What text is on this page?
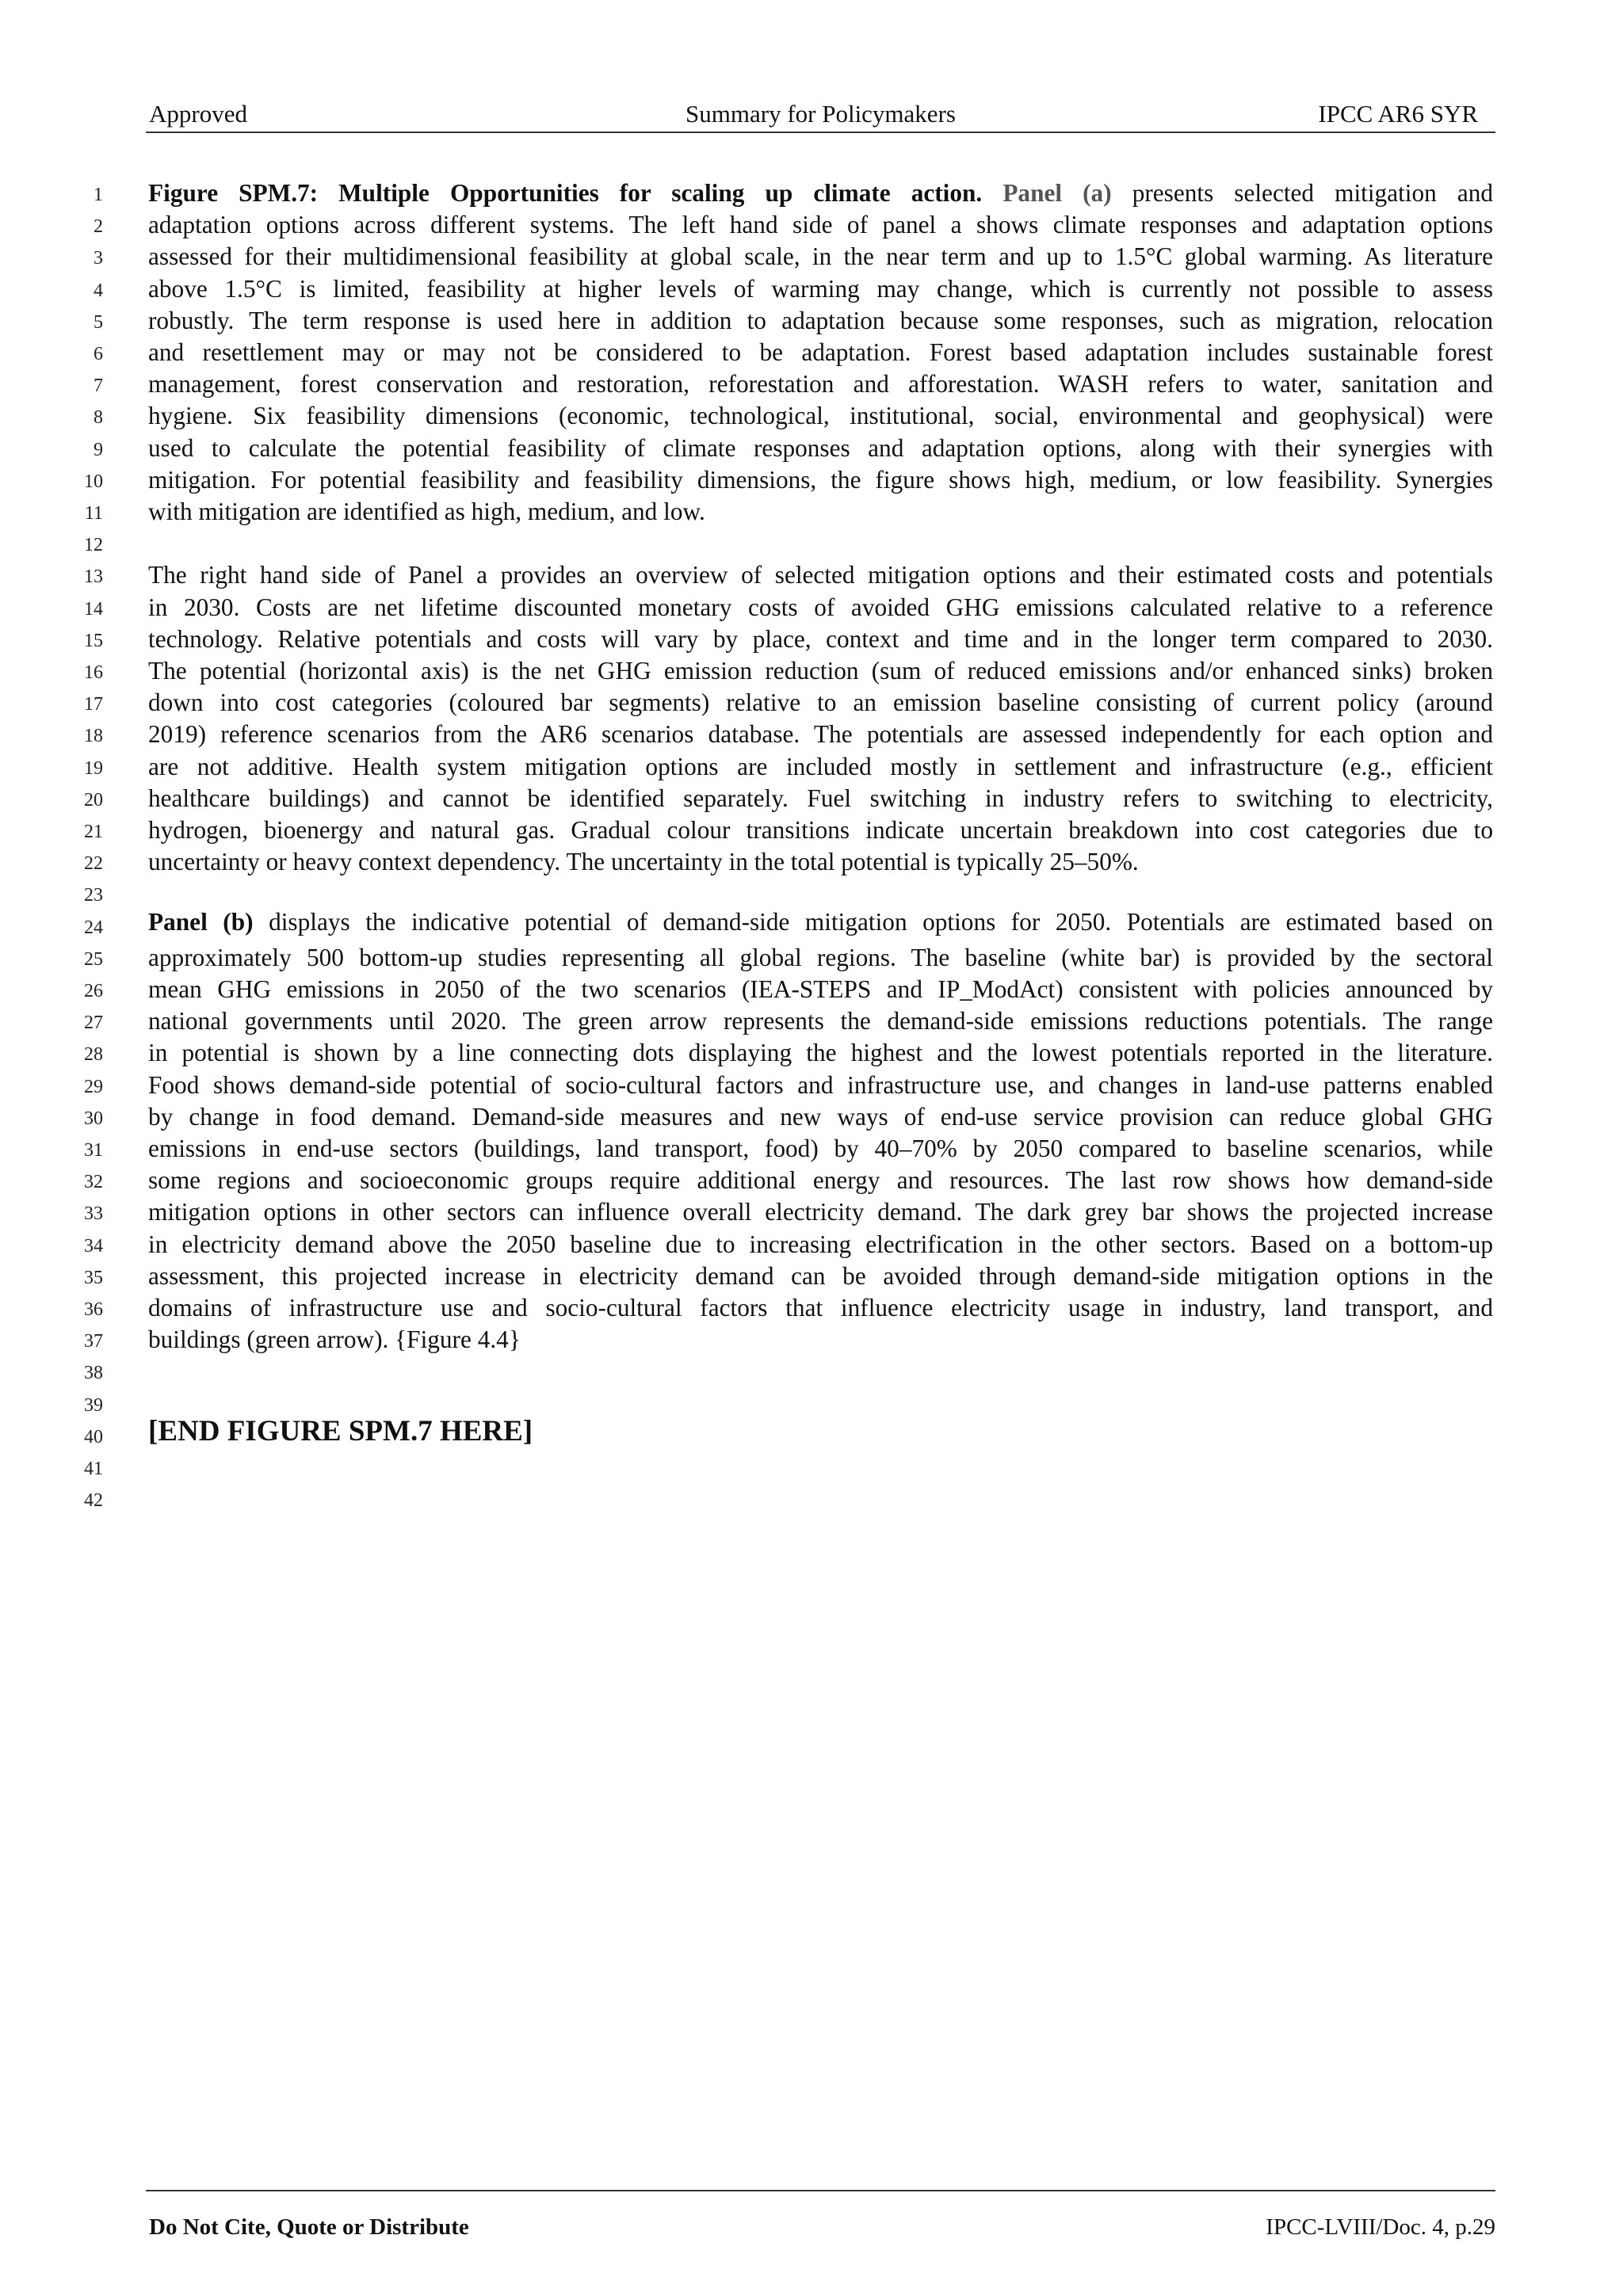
Approved	Summary for Policymakers	IPCC AR6 SYR
1
2
3
4
5
6
7
8
9
10
11
12
13
14
15
16
17
18
19
20
21
22
23
24
25
26
27
28
29
30
31
32
33
34
35
36
37
38
39
40
41
42
Figure SPM.7: Multiple Opportunities for scaling up climate action. Panel (a) presents selected mitigation and
adaptation options across different systems. The left hand side of panel a shows climate responses and adaptation options
assessed for their multidimensional feasibility at global scale, in the near term and up to 1.5°C global warming. As literature
above 1.5°C is limited, feasibility at higher levels of warming may change, which is currently not possible to assess
robustly. The term response is used here in addition to adaptation because some responses, such as migration, relocation
and resettlement may or may not be considered to be adaptation. Forest based adaptation includes sustainable forest
management, forest conservation and restoration, reforestation and afforestation. WASH refers to water, sanitation and
hygiene. Six feasibility dimensions (economic, technological, institutional, social, environmental and geophysical) were
used to calculate the potential feasibility of climate responses and adaptation options, along with their synergies with
mitigation. For potential feasibility and feasibility dimensions, the figure shows high, medium, or low feasibility. Synergies
with mitigation are identified as high, medium, and low.
The right hand side of Panel a provides an overview of selected mitigation options and their estimated costs and potentials
in 2030. Costs are net lifetime discounted monetary costs of avoided GHG emissions calculated relative to a reference
technology. Relative potentials and costs will vary by place, context and time and in the longer term compared to 2030.
The potential (horizontal axis) is the net GHG emission reduction (sum of reduced emissions and/or enhanced sinks) broken
down into cost categories (coloured bar segments) relative to an emission baseline consisting of current policy (around
2019) reference scenarios from the AR6 scenarios database. The potentials are assessed independently for each option and
are not additive. Health system mitigation options are included mostly in settlement and infrastructure (e.g., efficient
healthcare buildings) and cannot be identified separately. Fuel switching in industry refers to switching to electricity,
hydrogen, bioenergy and natural gas. Gradual colour transitions indicate uncertain breakdown into cost categories due to
uncertainty or heavy context dependency. The uncertainty in the total potential is typically 25–50%.
Panel (b) displays the indicative potential of demand-side mitigation options for 2050. Potentials are estimated based on
approximately 500 bottom-up studies representing all global regions. The baseline (white bar) is provided by the sectoral
mean GHG emissions in 2050 of the two scenarios (IEA-STEPS and IP_ModAct) consistent with policies announced by
national governments until 2020. The green arrow represents the demand-side emissions reductions potentials. The range
in potential is shown by a line connecting dots displaying the highest and the lowest potentials reported in the literature.
Food shows demand-side potential of socio-cultural factors and infrastructure use, and changes in land-use patterns enabled
by change in food demand. Demand-side measures and new ways of end-use service provision can reduce global GHG
emissions in end-use sectors (buildings, land transport, food) by 40–70% by 2050 compared to baseline scenarios, while
some regions and socioeconomic groups require additional energy and resources. The last row shows how demand-side
mitigation options in other sectors can influence overall electricity demand. The dark grey bar shows the projected increase
in electricity demand above the 2050 baseline due to increasing electrification in the other sectors. Based on a bottom-up
assessment, this projected increase in electricity demand can be avoided through demand-side mitigation options in the
domains of infrastructure use and socio-cultural factors that influence electricity usage in industry, land transport, and
buildings (green arrow). {Figure 4.4}
[END FIGURE SPM.7 HERE]
Do Not Cite, Quote or Distribute	IPCC-LVIII/Doc. 4, p.29
